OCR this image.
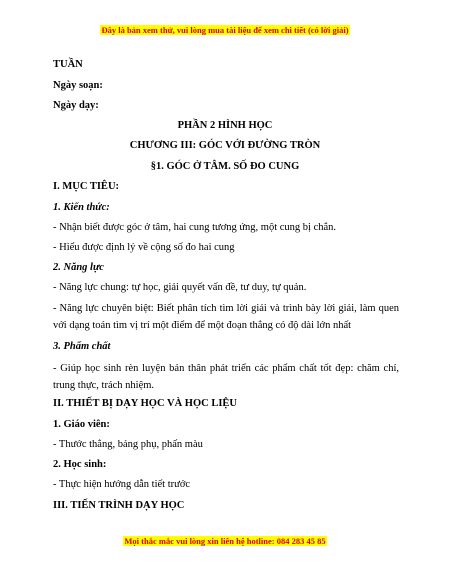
Đây là bản xem thử, vui lòng mua tài liệu để xem chi tiết (có lời giải)
TUẦN
Ngày soạn:
Ngày dạy:
PHẦN 2 HÌNH HỌC
CHƯƠNG III: GÓC VỚI ĐƯỜNG TRÒN
§1. GÓC Ở TÂM. SỐ ĐO CUNG
I. MỤC TIÊU:
1. Kiến thức:
- Nhận biết được góc ở tâm, hai cung tương ứng, một cung bị chắn.
- Hiểu được định lý về cộng số đo hai cung
2. Năng lực
- Năng lực chung: tự học, giải quyết vấn đề, tư duy, tự quản.
- Năng lực chuyên biệt: Biết phân tích tìm lời giải và trình bày lời giải, làm quen với dạng toán tìm vị trí một điểm để một đoạn thẳng có độ dài lớn nhất
3. Phẩm chất
- Giúp học sinh rèn luyện bản thân phát triển các phẩm chất tốt đẹp: chăm chỉ, trung thực, trách nhiệm.
II. THIẾT BỊ DẠY HỌC VÀ HỌC LIỆU
1. Giáo viên:
- Thước thẳng, bảng phụ, phấn màu
2. Học sinh:
- Thực hiện hướng dẫn tiết trước
III. TIẾN TRÌNH DẠY HỌC
Mọi thắc mắc vui lòng xin liên hệ hotline: 084 283 45 85
